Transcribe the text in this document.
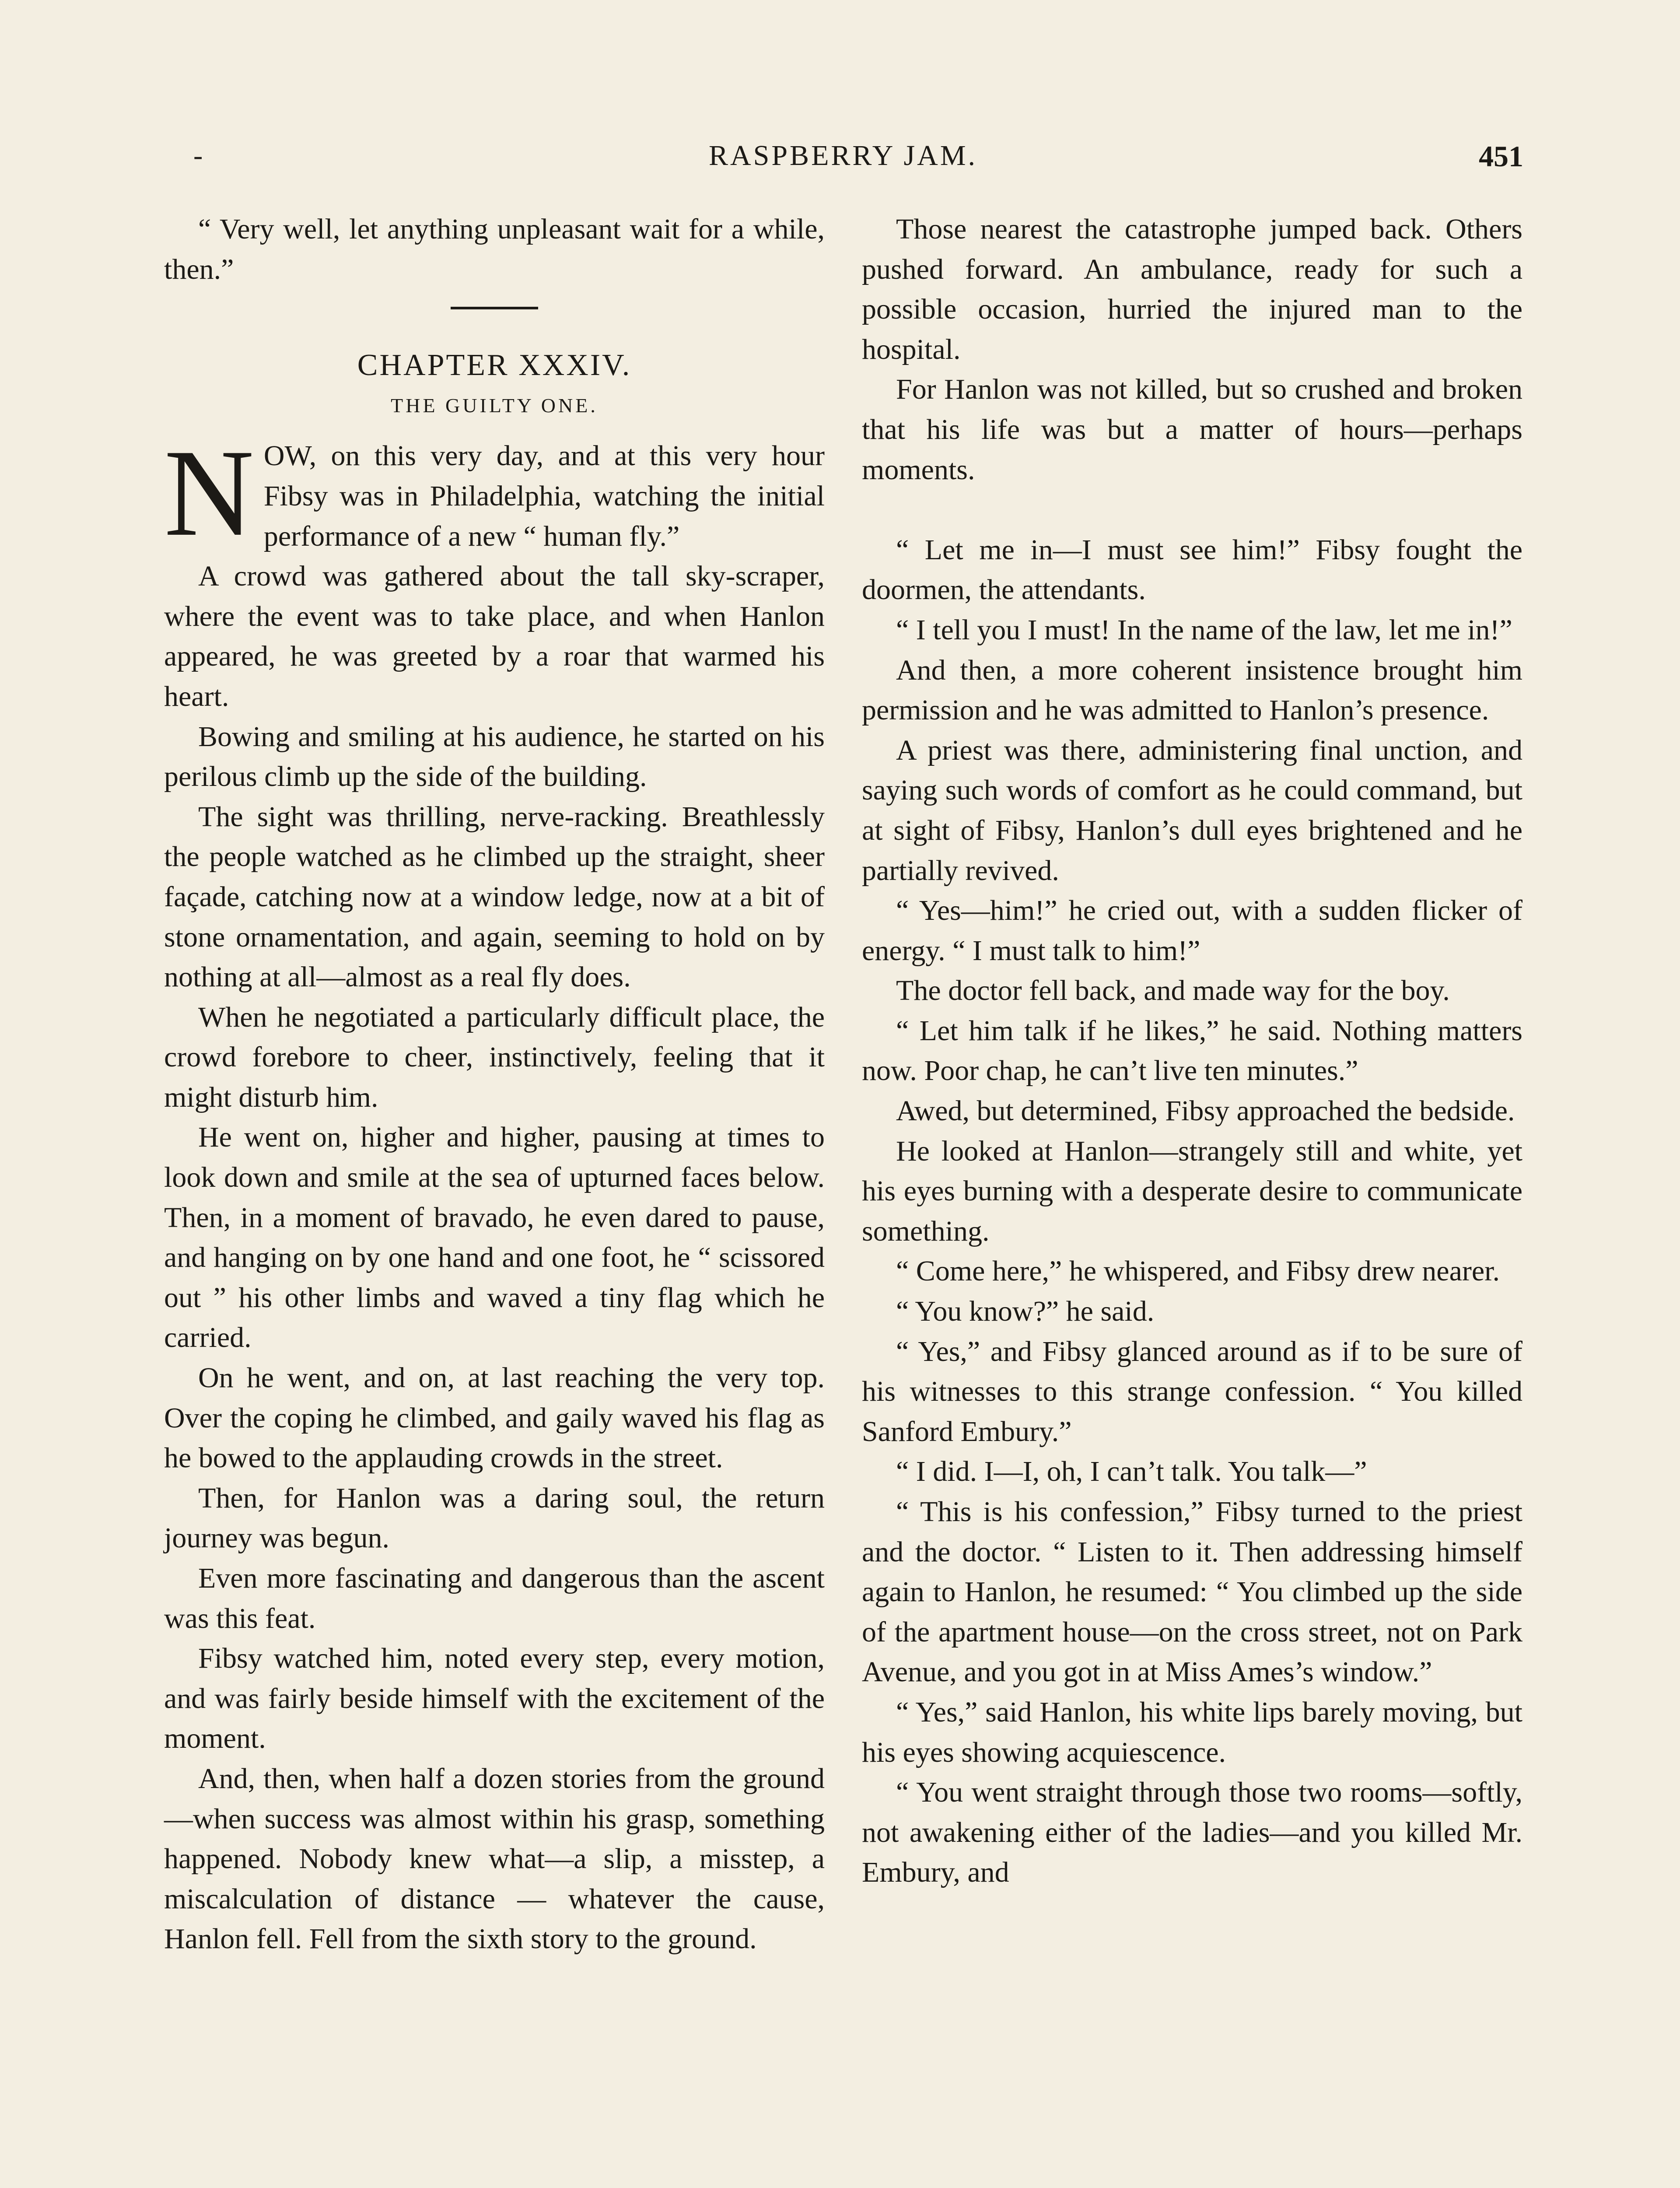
-	RASPBERRY JAM.	451

“ Very well, let anything unpleasant wait for a while, then.”

CHAPTER XXXIV.
THE GUILTY ONE.

NOW, on this very day, and at this very hour Fibsy was in Philadelphia, watching the initial performance of a new “ human fly.”

A crowd was gathered about the tall sky-scraper, where the event was to take place, and when Hanlon appeared, he was greeted by a roar that warmed his heart.

Bowing and smiling at his audience, he started on his perilous climb up the side of the building.

The sight was thrilling, nerve-racking. Breathlessly the people watched as he climbed up the straight, sheer façade, catching now at a window ledge, now at a bit of stone ornamentation, and again, seeming to hold on by nothing at all—almost as a real fly does.

When he negotiated a particularly difficult place, the crowd forebore to cheer, instinctively, feeling that it might disturb him.

He went on, higher and higher, pausing at times to look down and smile at the sea of upturned faces below. Then, in a moment of bravado, he even dared to pause, and hanging on by one hand and one foot, he “ scissored out ” his other limbs and waved a tiny flag which he carried.

On he went, and on, at last reaching the very top. Over the coping he climbed, and gaily waved his flag as he bowed to the applauding crowds in the street.

Then, for Hanlon was a daring soul, the return journey was begun.

Even more fascinating and dangerous than the ascent was this feat.

Fibsy watched him, noted every step, every motion, and was fairly beside himself with the excitement of the moment.

And, then, when half a dozen stories from the ground—when success was almost within his grasp, something happened. Nobody knew what—a slip, a misstep, a miscalculation of distance — whatever the cause, Hanlon fell. Fell from the sixth story to the ground.

Those nearest the catastrophe jumped back. Others pushed forward. An ambulance, ready for such a possible occasion, hurried the injured man to the hospital.

For Hanlon was not killed, but so crushed and broken that his life was but a matter of hours—perhaps moments.

“ Let me in—I must see him!” Fibsy fought the doormen, the attendants.

“ I tell you I must! In the name of the law, let me in!”

And then, a more coherent insistence brought him permission and he was admitted to Hanlon’s presence.

A priest was there, administering final unction, and saying such words of comfort as he could command, but at sight of Fibsy, Hanlon’s dull eyes brightened and he partially revived.

“ Yes—him!” he cried out, with a sudden flicker of energy. “ I must talk to him!”

The doctor fell back, and made way for the boy.

“ Let him talk if he likes,” he said. Nothing matters now. Poor chap, he can’t live ten minutes.”

Awed, but determined, Fibsy approached the bedside.

He looked at Hanlon—strangely still and white, yet his eyes burning with a desperate desire to communicate something.

“ Come here,” he whispered, and Fibsy drew nearer.

“ You know?” he said.

“ Yes,” and Fibsy glanced around as if to be sure of his witnesses to this strange confession. “ You killed Sanford Embury.”

“ I did. I—I, oh, I can’t talk. You talk—”

“ This is his confession,” Fibsy turned to the priest and the doctor. “ Listen to it. Then addressing himself again to Hanlon, he resumed: “ You climbed up the side of the apartment house—on the cross street, not on Park Avenue, and you got in at Miss Ames’s window.”

“ Yes,” said Hanlon, his white lips barely moving, but his eyes showing acquiescence.

“ You went straight through those two rooms—softly, not awakening either of the ladies—and you killed Mr. Embury, and
